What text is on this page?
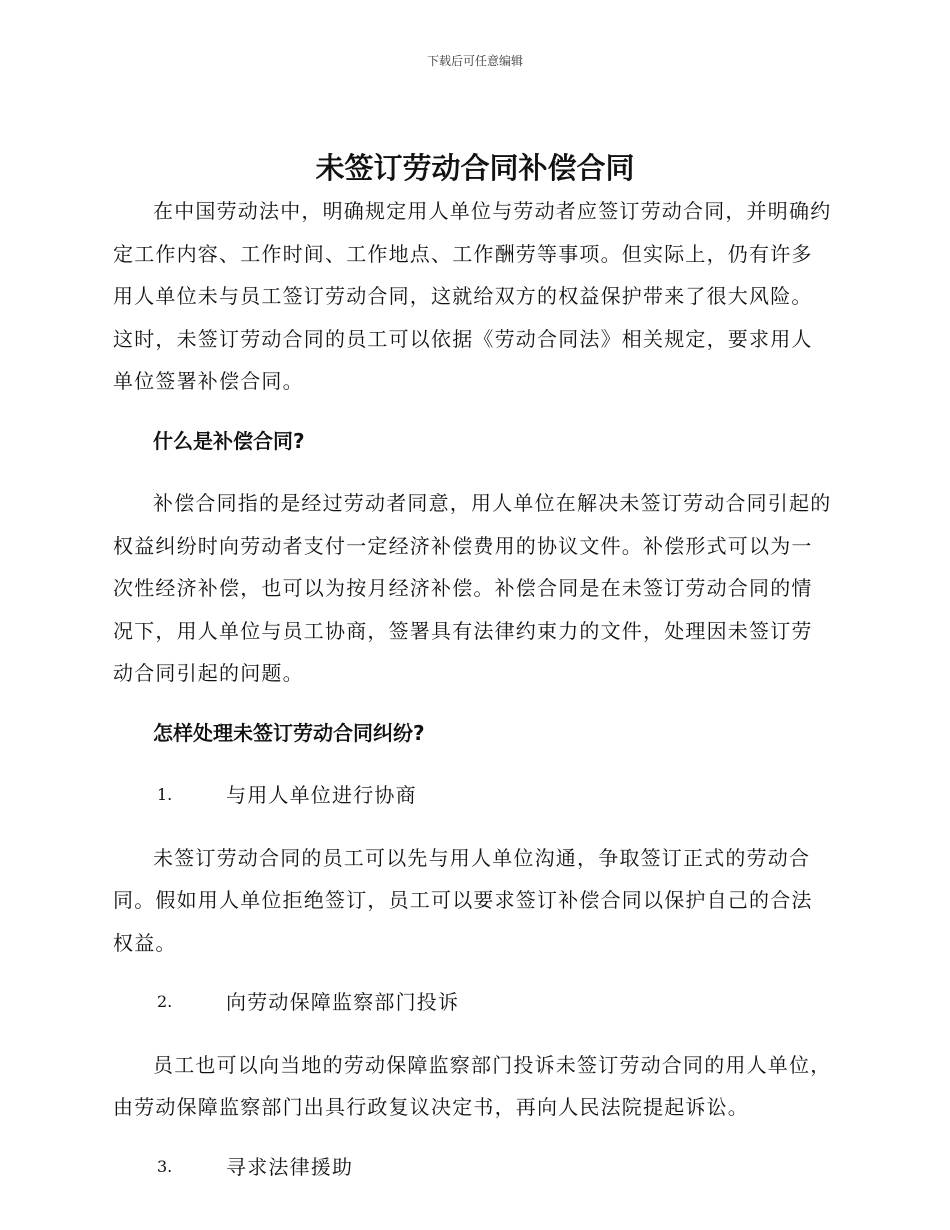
下载后可任意编辑
未签订劳动合同补偿合同

在中国劳动法中，明确规定用人单位与劳动者应签订劳动合同，并明确约定工作内容、工作时间、工作地点、工作酬劳等事项。但实际上，仍有许多用人单位未与员工签订劳动合同，这就给双方的权益保护带来了很大风险。这时，未签订劳动合同的员工可以依据《劳动合同法》相关规定，要求用人单位签署补偿合同。

什么是补偿合同?

补偿合同指的是经过劳动者同意，用人单位在解决未签订劳动合同引起的权益纠纷时向劳动者支付一定经济补偿费用的协议文件。补偿形式可以为一次性经济补偿，也可以为按月经济补偿。补偿合同是在未签订劳动合同的情况下，用人单位与员工协商，签署具有法律约束力的文件，处理因未签订劳动合同引起的问题。

怎样处理未签订劳动合同纠纷?
1.	与用人单位进行协商

未签订劳动合同的员工可以先与用人单位沟通，争取签订正式的劳动合同。假如用人单位拒绝签订，员工可以要求签订补偿合同以保护自己的合法权益。

2.	向劳动保障监察部门投诉

员工也可以向当地的劳动保障监察部门投诉未签订劳动合同的用人单位，由劳动保障监察部门出具行政复议决定书，再向人民法院提起诉讼。

3.	寻求法律援助
